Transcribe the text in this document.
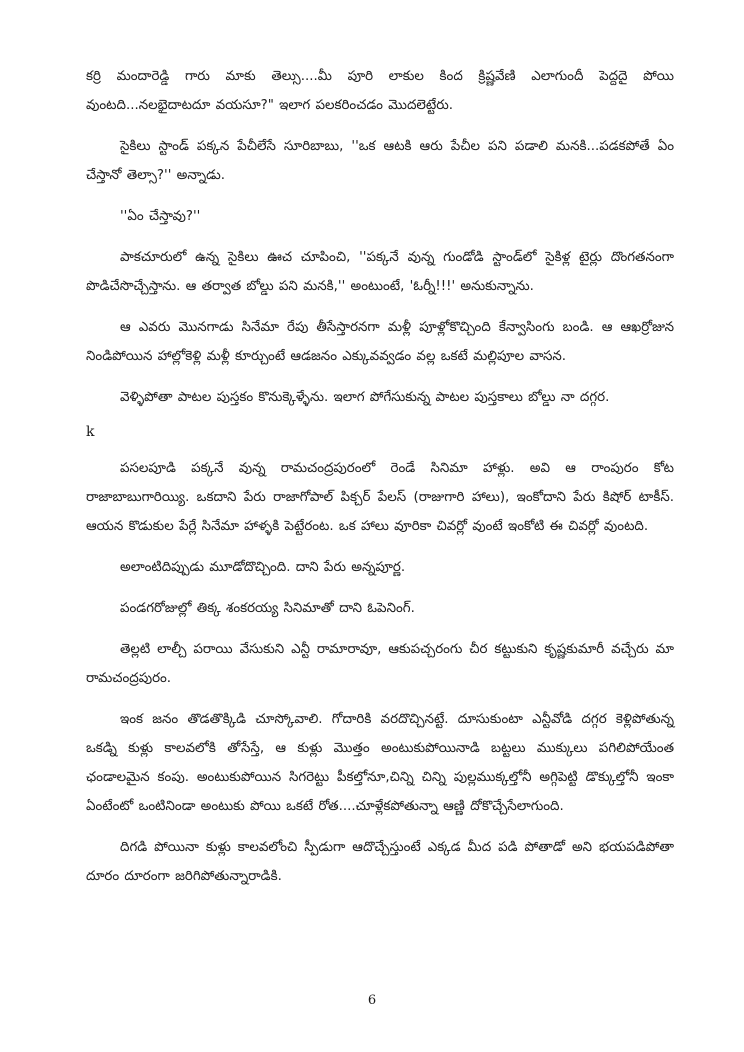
కర్రి మందారెడ్డి గారు మాకు తెల్సు....మీ పూరి లాకుల కింద క్రిష్ణవేణి ఎలాగుందీ పెద్దదై పోయి వుంటది...నలభైదాటదూ వయసూ?" ఇలాగ పలకరించడం మొదలెట్టేరు.

సైకిలు స్టాండ్ పక్కన పేచీలేసే సూరిబాబు, ''ఒక ఆటకి ఆరు పేచీల పని పడాలి మనకి...పడకపోతే ఏం చేస్తానో తెల్సా?'' అన్నాడు.

''ఏం చేస్తావు?''

పాకచూరులో ఉన్న సైకిలు ఊచ చూపించి, ''పక్కనే వున్న గుండోడి స్టాండ్‌లో సైకిళ్ల టైర్లు దొంగతనంగా పొడిచేసొచ్చేస్తాను. ఆ తర్వాత బోల్డు పని మనకి,'' అంటుంటే, 'ఓర్నీ!!!' అనుకున్నాను.

ఆ ఎవరు మొనగాడు సినేమా రేపు తీసేస్తారనగా మళ్లీ పూళ్లోకొచ్చింది కేన్వాసింగు బండి. ఆ ఆఖర్రోజున నిండిపోయిన హాల్లోకెళ్లి మళ్లీ కూర్చుంటే ఆడజనం ఎక్కువవ్వడం వల్ల ఒకటే మల్లిపూల వాసన.

వెళ్ళిపోతా పాటల పుస్తకం కొనుక్కెళ్ళేను. ఇలాగ పోగేసుకున్న పాటల పుస్తకాలు బోల్డు నా దగ్గర.

k

పసలపూడి పక్కనే వున్న రామచంద్రపురంలో రెండే సినిమా హాళ్లు. అవి ఆ రాంపురం కోట రాజాబాబుగారియ్యి. ఒకదాని పేరు రాజాగోపాల్ పిక్చర్ పేలస్ (రాజుగారి హాలు), ఇంకోదాని పేరు కిషోర్ టాకీస్. ఆయన కొడుకుల పేర్లే సినేమా హాళ్ళకి పెట్టేరంట. ఒక హాలు వూరికా చివర్లో వుంటే ఇంకోటి ఈ చివర్లో వుంటది.

అలాంటిదిప్పుడు మూడోదొచ్చింది. దాని పేరు అన్నపూర్ణ.

పండగరోజుల్లో తిక్క శంకరయ్య సినిమాతో దాని ఓపెనింగ్.

తెల్లటి లాల్చీ పరాయి వేసుకుని ఎన్టీ రామారావూ, ఆకుపచ్చరంగు చీర కట్టుకుని కృష్ణకుమారీ వచ్చేరు మా రామచంద్రపురం.

ఇంక జనం తొడతొక్కిడి చూస్కోవాలి. గోదారికి వరదొచ్చినట్టే. దూసుకుంటా ఎన్టీవోడి దగ్గర కెళ్లిపోతున్న ఒకడ్ని కుళ్లు కాలవలోకి తోసేస్తే, ఆ కుళ్లు మొత్తం అంటుకుపోయినాడి బట్టలు ముక్కులు పగిలిపోయేంత ఛండాలమైన కంపు. అంటుకుపోయిన సిగరెట్టు పీకల్తోనూ,చిన్ని చిన్ని పుల్లముక్కల్తోనీ అగ్గిపెట్టి డొక్కుల్తోనీ ఇంకా ఏంటేంటో ఒంటినిండా అంటుకు పోయి ఒకటే రోత....చూళ్లేకపోతున్నా ఆణ్ణి దోకొచ్చేసేలాగుంది.

దిగడి పోయినా కుళ్లు కాలవలోంచి స్పీడుగా ఆదొచ్చేస్తుంటే ఎక్కడ మీద పడి పోతాడో అని భయపడిపోతా దూరం దూరంగా జరిగిపోతున్నారాడికి.

6
